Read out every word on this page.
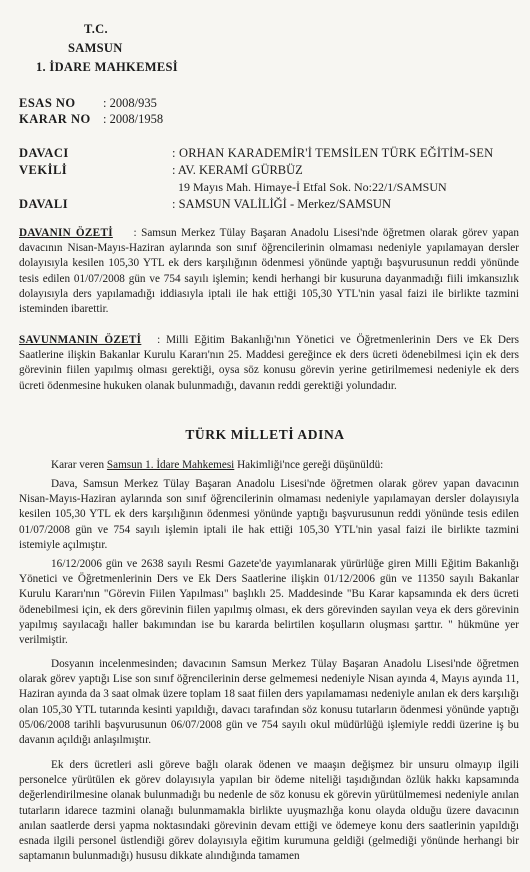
T.C.
SAMSUN
1. İDARE MAHKEMESİ
ESAS NO : 2008/935
KARAR NO : 2008/1958
DAVACI	: ORHAN KARADEMİR'İ TEMSİLEN TÜRK EĞİTİM-SEN
VEKİLİ	: AV. KERAMİ GÜRBÜZ
19 Mayıs Mah. Himaye-İ Etfal Sok. No:22/1/SAMSUN
DAVALI	: SAMSUN VALİLİĞİ - Merkez/SAMSUN

DAVANIN ÖZETİ : Samsun Merkez Tülay Başaran Anadolu Lisesi'nde öğretmen olarak görev yapan davacının Nisan-Mayıs-Haziran aylarında son sınıf öğrencilerinin olmaması nedeniyle yapılamayan dersler dolayısıyla kesilen 105,30 YTL ek ders karşılığının ödenmesi yönünde yaptığı başvurusunun reddi yönünde tesis edilen 01/07/2008 gün ve 754 sayılı işlemin; kendi herhangi bir kusuruna dayanmadığı fiili imkansızlık dolayısıyla ders yapılamadığı iddiasıyla iptali ile hak ettiği 105,30 YTL'nin yasal faizi ile birlikte tazmini isteminden ibarettir.

SAVUNMANIN ÖZETİ : Milli Eğitim Bakanlığı'nın Yönetici ve Öğretmenlerinin Ders ve Ek Ders Saatlerine ilişkin Bakanlar Kurulu Kararı'nın 25. Maddesi gereğince ek ders ücreti ödenebilmesi için ek ders görevinin fiilen yapılmış olması gerektiği, oysa söz konusu görevin yerine getirilmemesi nedeniyle ek ders ücreti ödenmesine hukuken olanak bulunmadığı, davanın reddi gerektiği yolundadır.

TÜRK MİLLETİ ADINA

Karar veren Samsun 1. İdare Mahkemesi Hakimliği'nce gereği düşünüldü:

Dava, Samsun Merkez Tülay Başaran Anadolu Lisesi'nde öğretmen olarak görev yapan davacının Nisan-Mayıs-Haziran aylarında son sınıf öğrencilerinin olmaması nedeniyle yapılamayan dersler dolayısıyla kesilen 105,30 YTL ek ders karşılığının ödenmesi yönünde yaptığı başvurusunun reddi yönünde tesis edilen 01/07/2008 gün ve 754 sayılı işlemin iptali ile hak ettiği 105,30 YTL'nin yasal faizi ile birlikte tazmini istemiyle açılmıştır.

16/12/2006 gün ve 2638 sayılı Resmi Gazete'de yayımlanarak yürürlüğe giren Milli Eğitim Bakanlığı Yönetici ve Öğretmenlerinin Ders ve Ek Ders Saatlerine ilişkin 01/12/2006 gün ve 11350 sayılı Bakanlar Kurulu Kararı'nın "Görevin Fiilen Yapılması" başlıklı 25. Maddesinde "Bu Karar kapsamında ek ders ücreti ödenebilmesi için, ek ders görevinin fiilen yapılmış olması, ek ders görevinden sayılan veya ek ders görevinin yapılmış sayılacağı haller bakımından ise bu kararda belirtilen koşulların oluşması şarttır. " hükmüne yer verilmiştir.

Dosyanın incelenmesinden; davacının Samsun Merkez Tülay Başaran Anadolu Lisesi'nde öğretmen olarak görev yaptığı Lise son sınıf öğrencilerinin derse gelmemesi nedeniyle Nisan ayında 4, Mayıs ayında 11, Haziran ayında da 3 saat olmak üzere toplam 18 saat fiilen ders yapılamaması nedeniyle anılan ek ders karşılığı olan 105,30 YTL tutarında kesinti yapıldığı, davacı tarafından söz konusu tutarların ödenmesi yönünde yaptığı 05/06/2008 tarihli başvurusunun 06/07/2008 gün ve 754 sayılı okul müdürlüğü işlemiyle reddi üzerine iş bu davanın açıldığı anlaşılmıştır.

Ek ders ücretleri asli göreve bağlı olarak ödenen ve maaşın değişmez bir unsuru olmayıp ilgili personelce yürütülen ek görev dolayısıyla yapılan bir ödeme niteliği taşıdığından özlük hakkı kapsamında değerlendirilmesine olanak bulunmadığı bu nedenle de söz konusu ek görevin yürütülmemesi nedeniyle anılan tutarların idarece tazmini olanağı bulunmamakla birlikte uyuşmazlığa konu olayda olduğu üzere davacının anılan saatlerde dersi yapma noktasındaki görevinin devam ettiği ve ödemeye konu ders saatlerinin yapıldığı esnada ilgili personel üstlendiği görev dolayısıyla eğitim kurumuna geldiği (gelmediği yönünde herhangi bir saptamanın bulunmadığı) hususu dikkate alındığında tamamen
